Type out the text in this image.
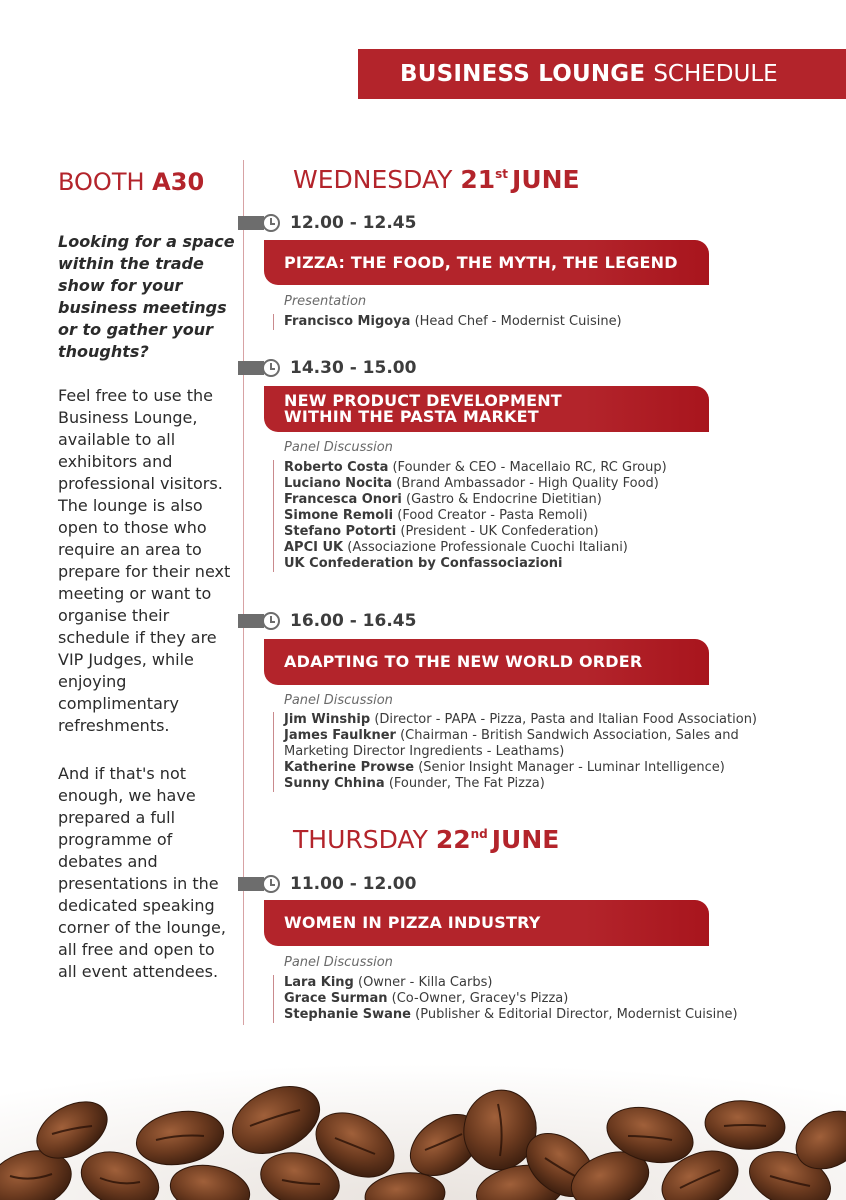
BUSINESS LOUNGE SCHEDULE
BOOTH A30
Looking for a space within the trade show for your business meetings or to gather your thoughts?
Feel free to use the Business Lounge, available to all exhibitors and professional visitors. The lounge is also open to those who require an area to prepare for their next meeting or want to organise their schedule if they are VIP Judges, while enjoying complimentary refreshments.
And if that's not enough, we have prepared a full programme of debates and presentations in the dedicated speaking corner of the lounge, all free and open to all event attendees.
WEDNESDAY 21st JUNE
12.00 - 12.45
PIZZA: THE FOOD, THE MYTH, THE LEGEND
Presentation
Francisco Migoya (Head Chef - Modernist Cuisine)
14.30 - 15.00
NEW PRODUCT DEVELOPMENT
WITHIN THE PASTA MARKET
Panel Discussion
Roberto Costa (Founder & CEO - Macellaio RC, RC Group)
Luciano Nocita (Brand Ambassador - High Quality Food)
Francesca Onori (Gastro & Endocrine Dietitian)
Simone Remoli (Food Creator - Pasta Remoli)
Stefano Potorti (President - UK Confederation)
APCI UK (Associazione Professionale Cuochi Italiani)
UK Confederation by Confassociazioni
16.00 - 16.45
ADAPTING TO THE NEW WORLD ORDER
Panel Discussion
Jim Winship (Director - PAPA - Pizza, Pasta and Italian Food Association)
James Faulkner (Chairman - British Sandwich Association, Sales and
Marketing Director Ingredients - Leathams)
Katherine Prowse (Senior Insight Manager - Luminar Intelligence)
Sunny Chhina (Founder, The Fat Pizza)
THURSDAY 22nd JUNE
11.00 - 12.00
WOMEN IN PIZZA INDUSTRY
Panel Discussion
Lara King (Owner - Killa Carbs)
Grace Surman (Co-Owner, Gracey's Pizza)
Stephanie Swane (Publisher & Editorial Director, Modernist Cuisine)
